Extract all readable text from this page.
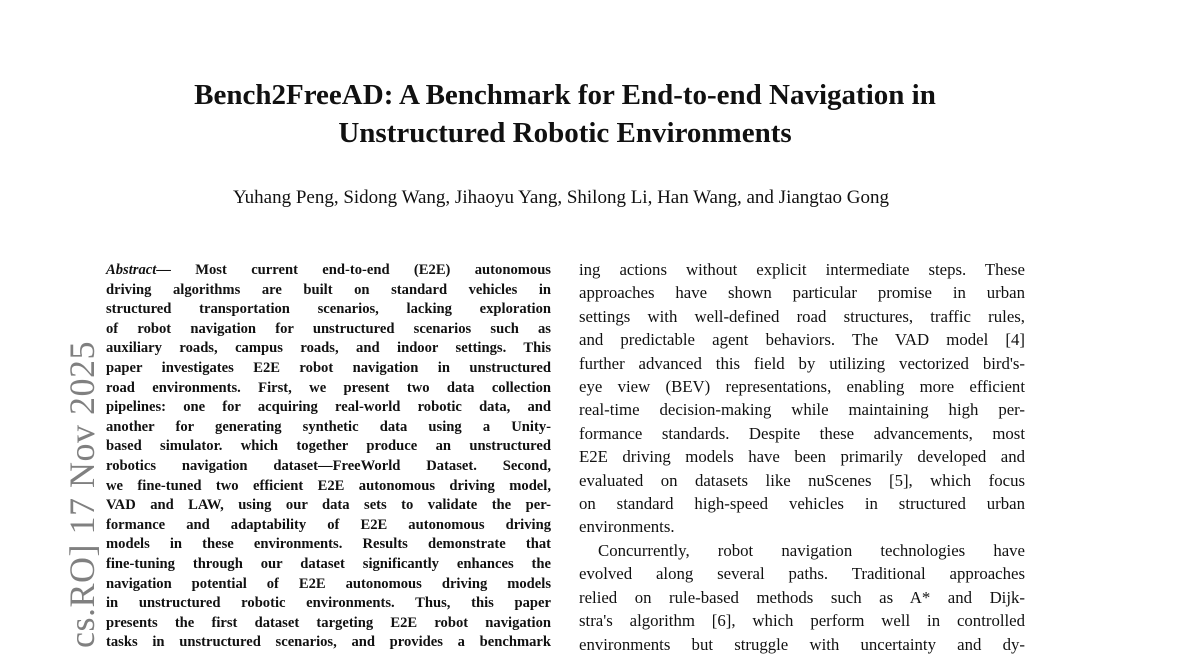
cs.RO] 17 Nov 2025
Bench2FreeAD: A Benchmark for End-to-end Navigation in
Unstructured Robotic Environments
Yuhang Peng, Sidong Wang, Jihaoyu Yang, Shilong Li, Han Wang, and Jiangtao Gong
Abstract— Most current end-to-end (E2E) autonomous
driving algorithms are built on standard vehicles in
structured transportation scenarios, lacking exploration
of robot navigation for unstructured scenarios such as
auxiliary roads, campus roads, and indoor settings. This
paper investigates E2E robot navigation in unstructured
road environments. First, we present two data collection
pipelines: one for acquiring real-world robotic data, and
another for generating synthetic data using a Unity-
based simulator. which together produce an unstructured
robotics navigation dataset—FreeWorld Dataset. Second,
we fine-tuned two efficient E2E autonomous driving model,
VAD and LAW, using our data sets to validate the per-
formance and adaptability of E2E autonomous driving
models in these environments. Results demonstrate that
fine-tuning through our dataset significantly enhances the
navigation potential of E2E autonomous driving models
in unstructured robotic environments. Thus, this paper
presents the first dataset targeting E2E robot navigation
tasks in unstructured scenarios, and provides a benchmark
ing actions without explicit intermediate steps. These
approaches have shown particular promise in urban
settings with well-defined road structures, traffic rules,
and predictable agent behaviors. The VAD model [4]
further advanced this field by utilizing vectorized bird's-
eye view (BEV) representations, enabling more efficient
real-time decision-making while maintaining high per-
formance standards. Despite these advancements, most
E2E driving models have been primarily developed and
evaluated on datasets like nuScenes [5], which focus
on standard high-speed vehicles in structured urban
environments.
Concurrently, robot navigation technologies have
evolved along several paths. Traditional approaches
relied on rule-based methods such as A* and Dijk-
stra's algorithm [6], which perform well in controlled
environments but struggle with uncertainty and dy-
